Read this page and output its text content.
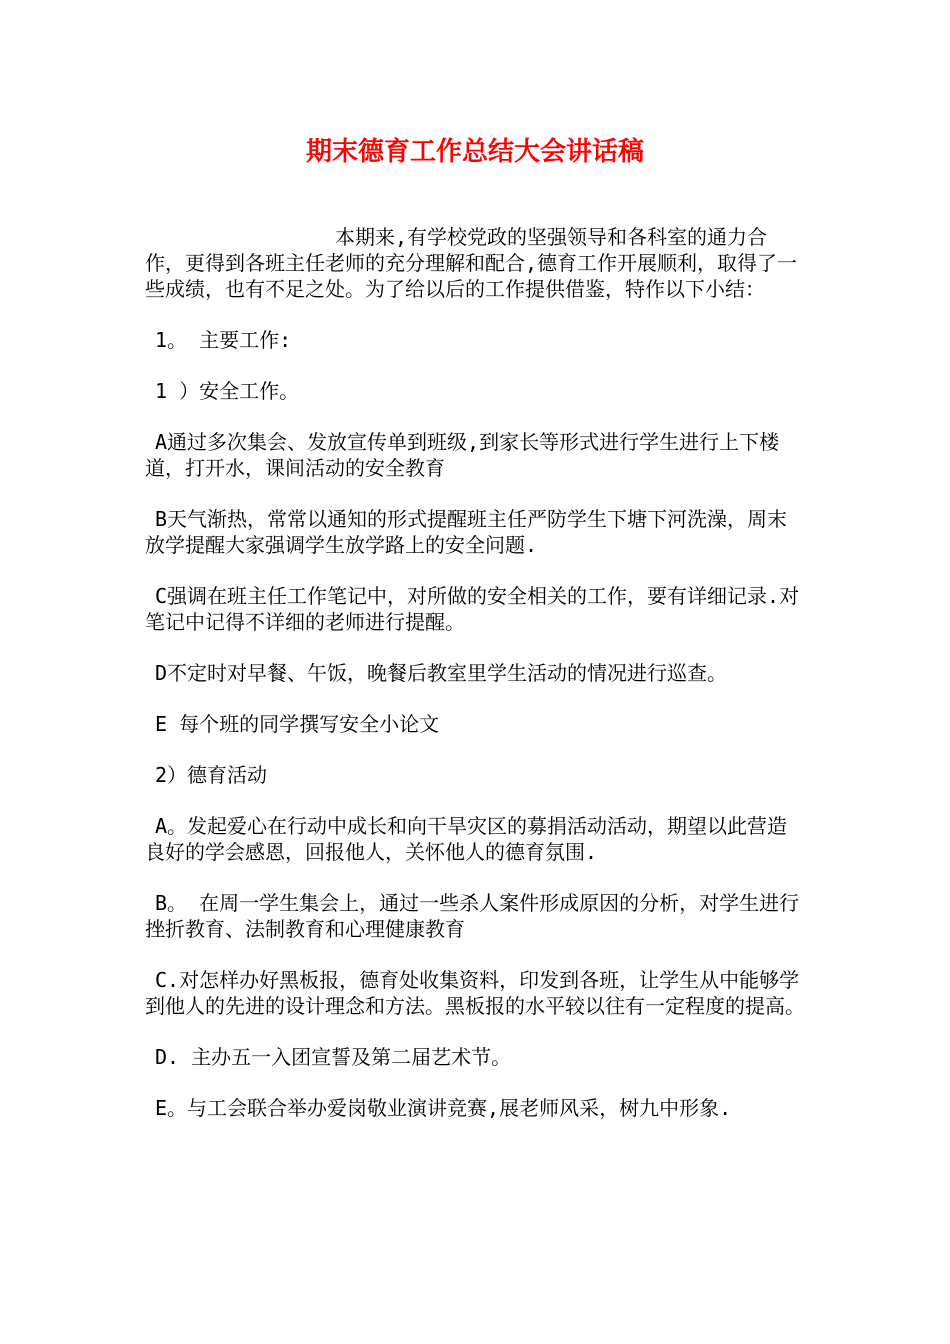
期末德育工作总结大会讲话稿

本期来,有学校党政的坚强领导和各科室的通力合作，更得到各班主任老师的充分理解和配合,德育工作开展顺利，取得了一些成绩，也有不足之处。为了给以后的工作提供借鉴，特作以下小结：

1。 主要工作:

1 ）安全工作。

A通过多次集会、发放宣传单到班级,到家长等形式进行学生进行上下楼道，打开水，课间活动的安全教育

B天气渐热，常常以通知的形式提醒班主任严防学生下塘下河洗澡，周末放学提醒大家强调学生放学路上的安全问题.

C强调在班主任工作笔记中，对所做的安全相关的工作，要有详细记录.对笔记中记得不详细的老师进行提醒。

D不定时对早餐、午饭，晚餐后教室里学生活动的情况进行巡查。

E 每个班的同学撰写安全小论文

2）德育活动

A。发起爱心在行动中成长和向干旱灾区的募捐活动活动，期望以此营造良好的学会感恩，回报他人，关怀他人的德育氛围.

B。 在周一学生集会上，通过一些杀人案件形成原因的分析，对学生进行挫折教育、法制教育和心理健康教育

C.对怎样办好黑板报，德育处收集资料，印发到各班，让学生从中能够学到他人的先进的设计理念和方法。黑板报的水平较以往有一定程度的提高。

D. 主办五一入团宣誓及第二届艺术节。

E。与工会联合举办爱岗敬业演讲竞赛,展老师风采，树九中形象.
